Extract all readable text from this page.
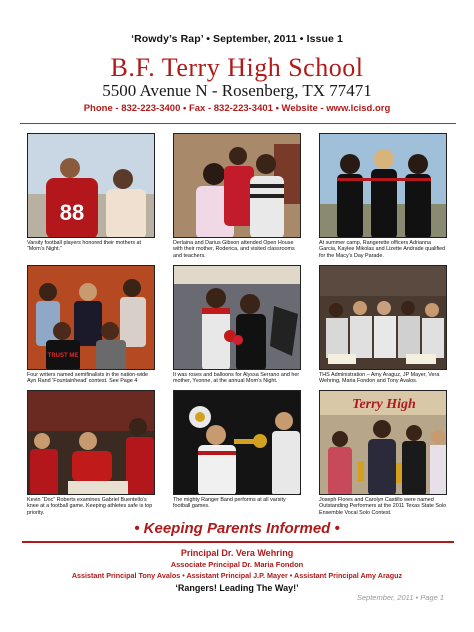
‘Rowdy’s Rap’ • September, 2011 • Issue 1
B.F. Terry High School
5500 Avenue N - Rosenberg, TX 77471
Phone - 832-223-3400 • Fax - 832-223-3401 • Website - www.lcisd.org
88
Varsity football players honored their mothers at “Mom’s Night.”
Derlaina and Darius Gibson attended Open House with their mother, Roderica, and visited classrooms and teachers.
At summer camp, Rangerette officers Adrianna Garcia, Kaylee Mikolas and Lizette Andrade qualified for the Macy’s Day Parade.
TRUST ME
Four writers named semifinalists in the nation-wide Ayn Rand ‘Fountainhead’ contest. See Page 4
It was roses and balloons for Alyssa Serrano and her mother, Yvonne, at the annual Mom’s Night.
THS Administration – Amy Araguz, JP Mayer, Vera Wehring, Maria Fondon and Tony Avalos.
Kevin “Doc” Roberts examines Gabriel Buentello’s knee at a football game. Keeping athletes safe is top priority.
The mighty Ranger Band performs at all varsity football games.
Terry High
Joseph Flores and Carolyn Castillo were named Outstanding Performers at the 2011 Texas State Solo Ensemble Vocal Solo Contest.
• Keeping Parents Informed •
Principal Dr. Vera Wehring
Associate Principal Dr. Maria Fondon
Assistant Principal Tony Avalos • Assistant Principal J.P. Mayer • Assistant Principal Amy Araguz
‘Rangers! Leading The Way!’
September, 2011 • Page 1
